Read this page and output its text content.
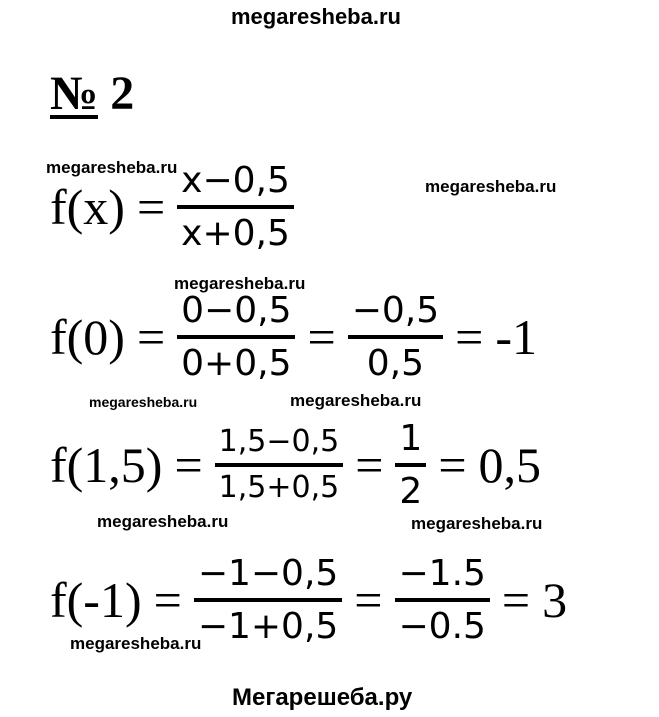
megaresheba.ru
megaresheba.ru
megaresheba.ru
megaresheba.ru
megaresheba.ru	megaresheba.ru
megaresheba.ru	megaresheba.ru
megaresheba.ru
Мегарешеба.ру
№ 2
$f(x) = \frac{x-0,5}{x+0,5}$
$f(0) = \frac{0-0,5}{0+0,5} = \frac{-0,5}{0,5} = -1$
$f(1,5) = \frac{1,5-0,5}{1,5+0,5} = \frac{1}{2} = 0,5$
$f(-1) = \frac{-1-0,5}{-1+0,5} = \frac{-1.5}{-0.5} = 3$
